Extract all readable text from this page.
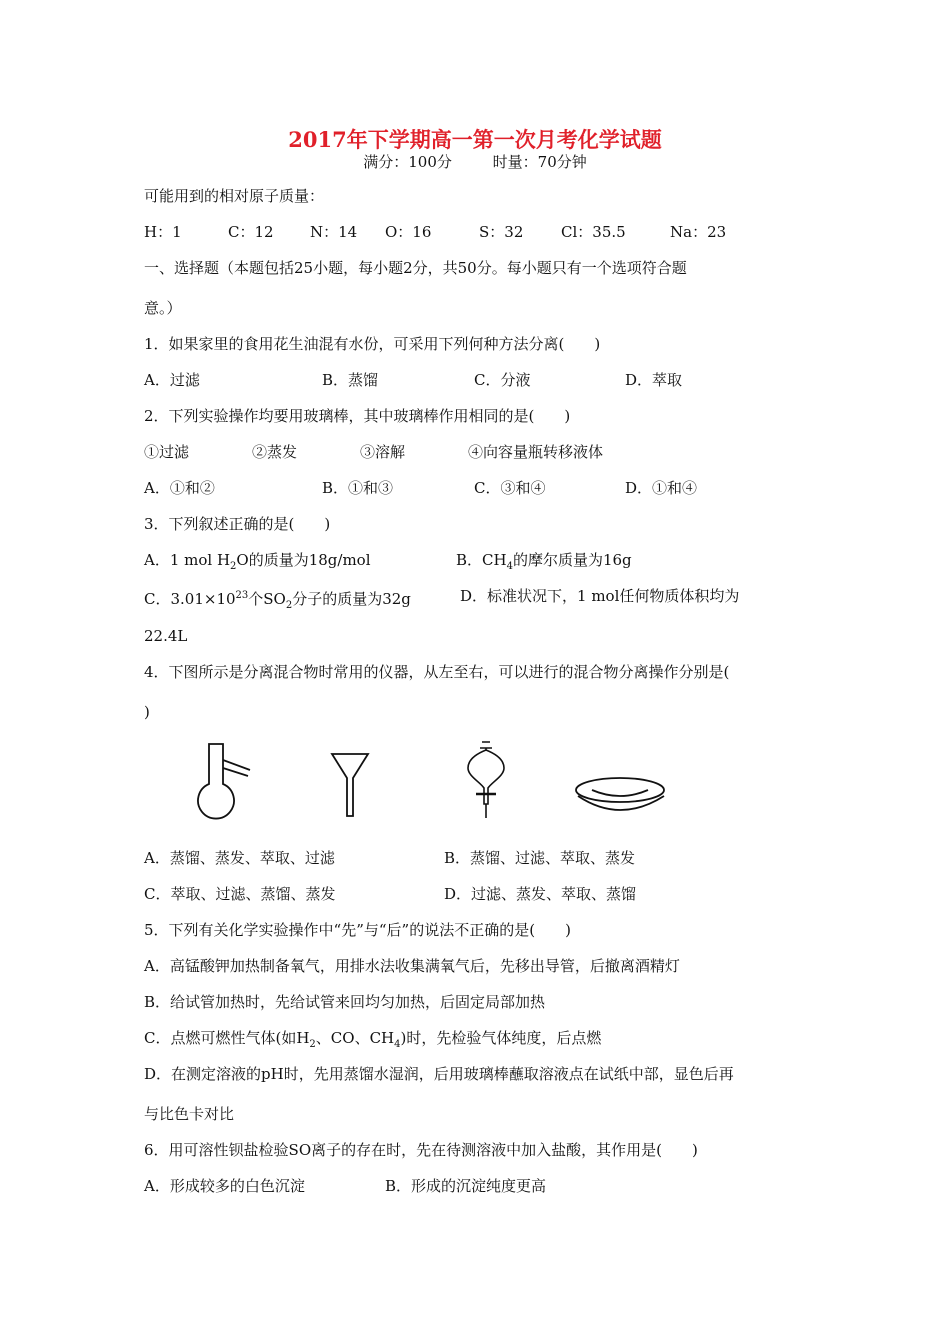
2017年下学期高一第一次月考化学试题
满分：100分	时量：70分钟
可能用到的相对原子质量：
H：1	C：12 N：14 O：16	S：32	Cl：35.5	Na：23
一、选择题（本题包括25小题，每小题2分，共50分。每小题只有一个选项符合题
意。）
1．如果家里的食用花生油混有水份，可采用下列何种方法分离(　　)
A．过滤	B．蒸馏	C．分液	D．萃取
2．下列实验操作均要用玻璃棒，其中玻璃棒作用相同的是(　　)
①过滤	②蒸发	③溶解	④向容量瓶转移液体
A．①和②	B．①和③	C．③和④	D．①和④
3．下列叙述正确的是(　　)
A．1 mol $H_2O$的质量为18g/mol	B．$CH_4$的摩尔质量为16g
C．$3.01\times 10^{23}$个$SO_2$分子的质量为32g	D．标准状况下，1 mol任何物质体积均为
22.4L
4．下图所示是分离混合物时常用的仪器，从左至右，可以进行的混合物分离操作分别是(
)
A．蒸馏、蒸发、萃取、过滤	B．蒸馏、过滤、萃取、蒸发
C．萃取、过滤、蒸馏、蒸发	D．过滤、蒸发、萃取、蒸馏
5．下列有关化学实验操作中“先”与“后”的说法不正确的是(　　)
A．高锰酸钾加热制备氧气，用排水法收集满氧气后，先移出导管，后撤离酒精灯
B．给试管加热时，先给试管来回均匀加热，后固定局部加热
C．点燃可燃性气体(如$H_2$、CO、$CH_4$)时，先检验气体纯度，后点燃
D．在测定溶液的pH时，先用蒸馏水湿润，后用玻璃棒蘸取溶液点在试纸中部，显色后再
与比色卡对比
6．用可溶性钡盐检验SO离子的存在时，先在待测溶液中加入盐酸，其作用是(　　)
A．形成较多的白色沉淀	B．形成的沉淀纯度更高
